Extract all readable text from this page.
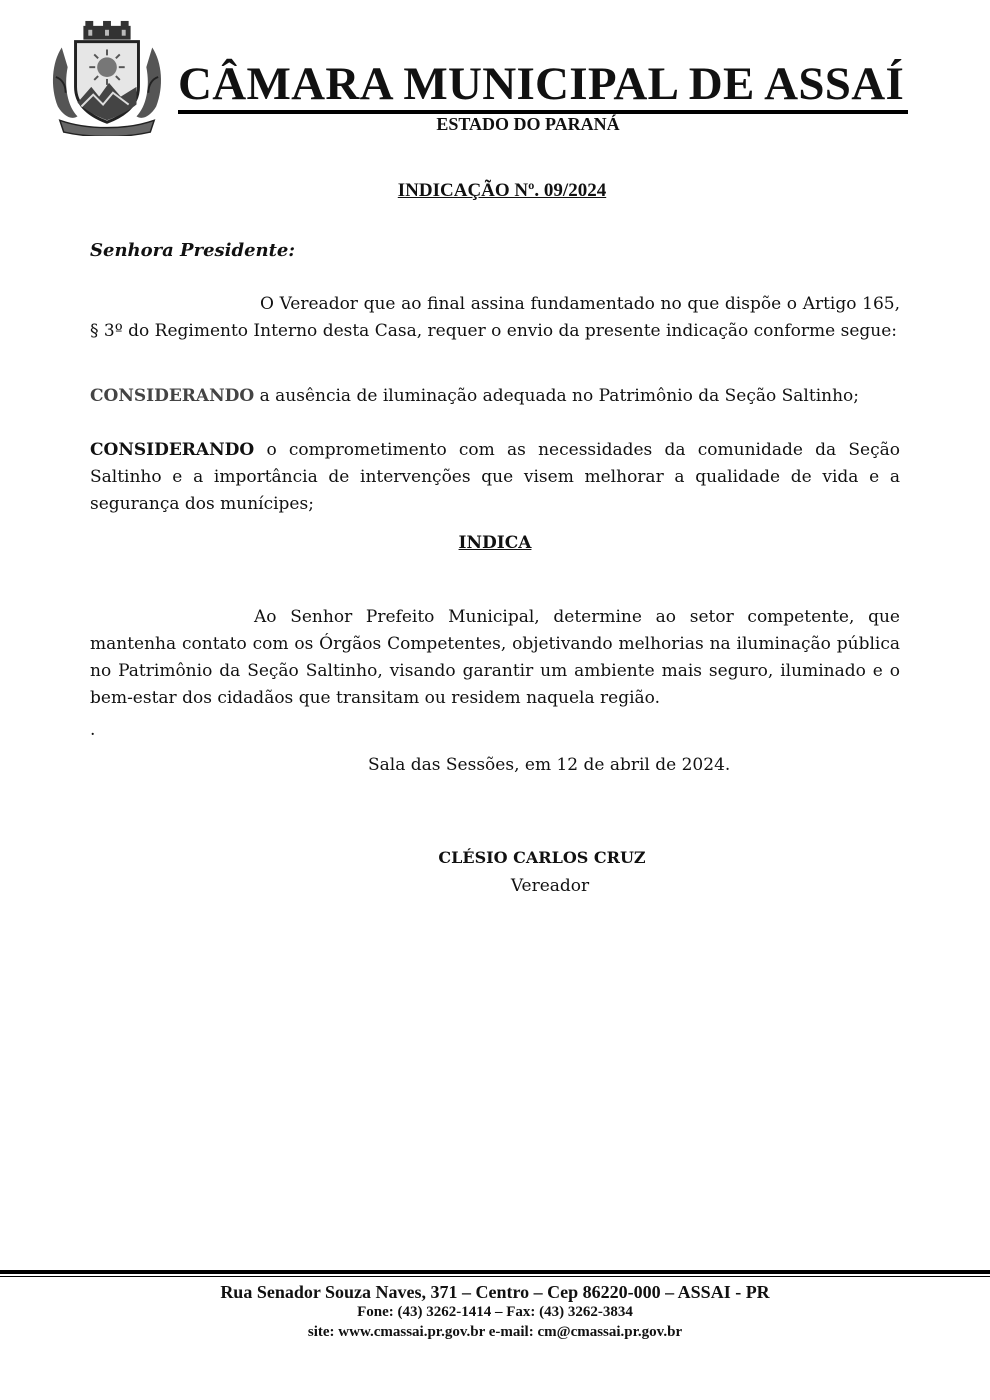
CÂMARA MUNICIPAL DE ASSAÍ
ESTADO DO PARANÁ
INDICAÇÃO Nº. 09/2024
Senhora Presidente:
O Vereador que ao final assina fundamentado no que dispõe o Artigo 165, § 3º do Regimento Interno desta Casa, requer o envio da presente indicação conforme segue:
CONSIDERANDO a ausência de iluminação adequada no Patrimônio da Seção Saltinho;
CONSIDERANDO o comprometimento com as necessidades da comunidade da Seção Saltinho e a importância de intervenções que visem melhorar a qualidade de vida e a segurança dos munícipes;
INDICA
Ao Senhor Prefeito Municipal, determine ao setor competente, que mantenha contato com os Órgãos Competentes, objetivando melhorias na iluminação pública no Patrimônio da Seção Saltinho, visando garantir um ambiente mais seguro, iluminado e o bem-estar dos cidadãos que transitam ou residem naquela região.
.
Sala das Sessões, em 12 de abril de 2024.
CLÉSIO CARLOS CRUZ
Vereador
Rua Senador Souza Naves, 371 – Centro – Cep 86220-000 – ASSAI - PR
Fone: (43) 3262-1414 – Fax: (43) 3262-3834
site: www.cmassai.pr.gov.br e-mail: cm@cmassai.pr.gov.br
